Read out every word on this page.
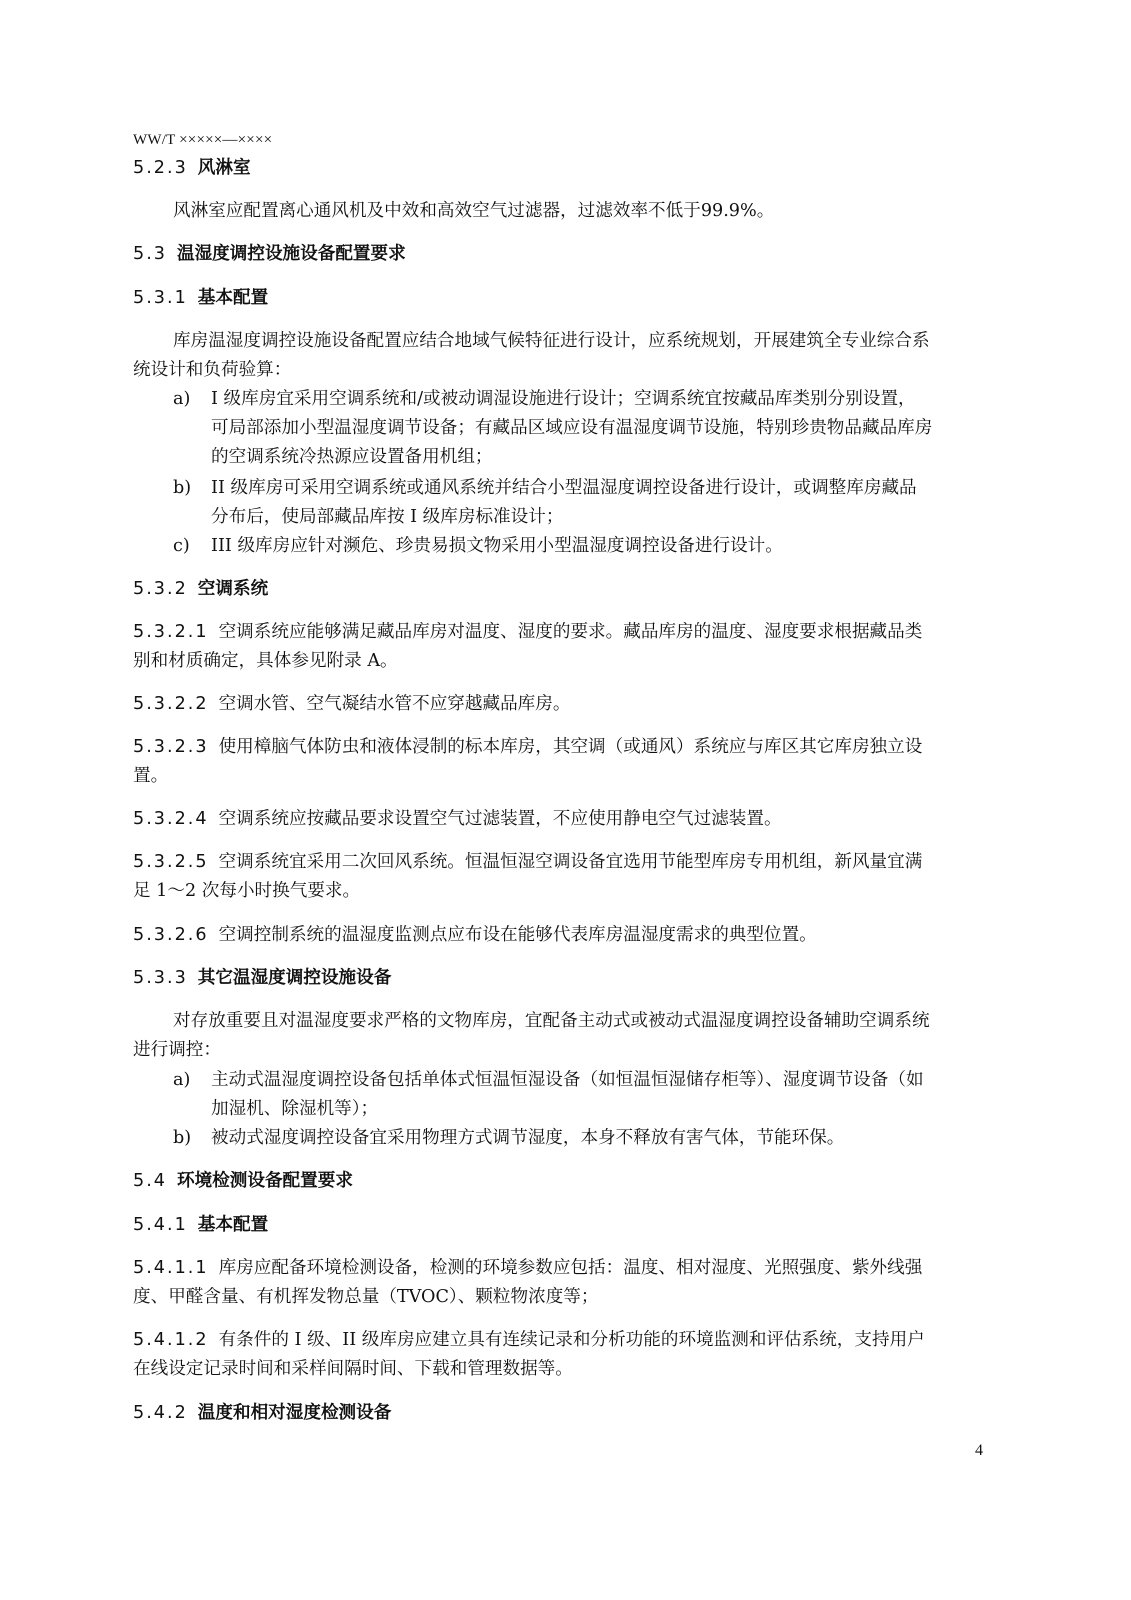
WW/T ×××××—××××
5.2.3 风淋室
风淋室应配置离心通风机及中效和高效空气过滤器，过滤效率不低于99.9%。
5.3 温湿度调控设施设备配置要求
5.3.1 基本配置
库房温湿度调控设施设备配置应结合地域气候特征进行设计，应系统规划，开展建筑全专业综合系
统设计和负荷验算：
a) I 级库房宜采用空调系统和/或被动调湿设施进行设计；空调系统宜按藏品库类别分别设置，
可局部添加小型温湿度调节设备；有藏品区域应设有温湿度调节设施，特别珍贵物品藏品库房
的空调系统冷热源应设置备用机组；
b) II 级库房可采用空调系统或通风系统并结合小型温湿度调控设备进行设计，或调整库房藏品
分布后，使局部藏品库按 I 级库房标准设计；
c) III 级库房应针对濒危、珍贵易损文物采用小型温湿度调控设备进行设计。
5.3.2 空调系统
5.3.2.1 空调系统应能够满足藏品库房对温度、湿度的要求。藏品库房的温度、湿度要求根据藏品类
别和材质确定，具体参见附录 A。
5.3.2.2 空调水管、空气凝结水管不应穿越藏品库房。
5.3.2.3 使用樟脑气体防虫和液体浸制的标本库房，其空调（或通风）系统应与库区其它库房独立设
置。
5.3.2.4 空调系统应按藏品要求设置空气过滤装置，不应使用静电空气过滤装置。
5.3.2.5 空调系统宜采用二次回风系统。恒温恒湿空调设备宜选用节能型库房专用机组，新风量宜满
足 1～2 次每小时换气要求。
5.3.2.6 空调控制系统的温湿度监测点应布设在能够代表库房温湿度需求的典型位置。
5.3.3 其它温湿度调控设施设备
对存放重要且对温湿度要求严格的文物库房，宜配备主动式或被动式温湿度调控设备辅助空调系统
进行调控：
a) 主动式温湿度调控设备包括单体式恒温恒湿设备（如恒温恒湿储存柜等）、湿度调节设备（如
加湿机、除湿机等）；
b) 被动式湿度调控设备宜采用物理方式调节湿度，本身不释放有害气体，节能环保。
5.4 环境检测设备配置要求
5.4.1 基本配置
5.4.1.1 库房应配备环境检测设备，检测的环境参数应包括：温度、相对湿度、光照强度、紫外线强
度、甲醛含量、有机挥发物总量（TVOC）、颗粒物浓度等；
5.4.1.2 有条件的 I 级、II 级库房应建立具有连续记录和分析功能的环境监测和评估系统，支持用户
在线设定记录时间和采样间隔时间、下载和管理数据等。
5.4.2 温度和相对湿度检测设备
4
